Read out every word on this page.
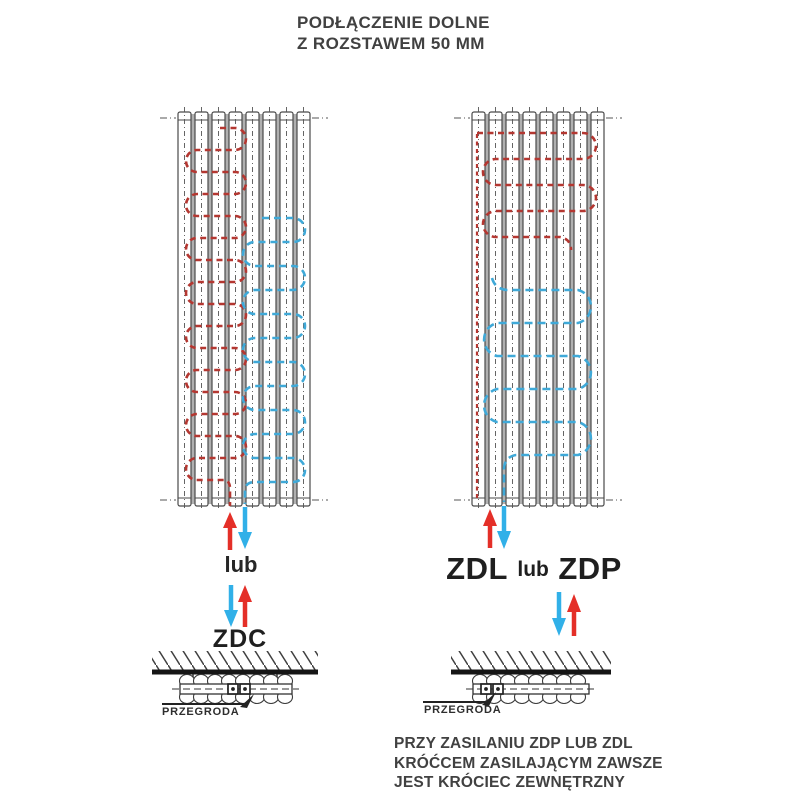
PODŁĄCZENIE DOLNE
Z ROZSTAWEM 50 MM
lub
ZDC
ZDL lub ZDP
PRZEGRODA	PRZEGRODA
PRZY ZASILANIU ZDP LUB ZDL
KRÓĆCEM ZASILAJĄCYM ZAWSZE
JEST KRÓCIEC ZEWNĘTRZNY
